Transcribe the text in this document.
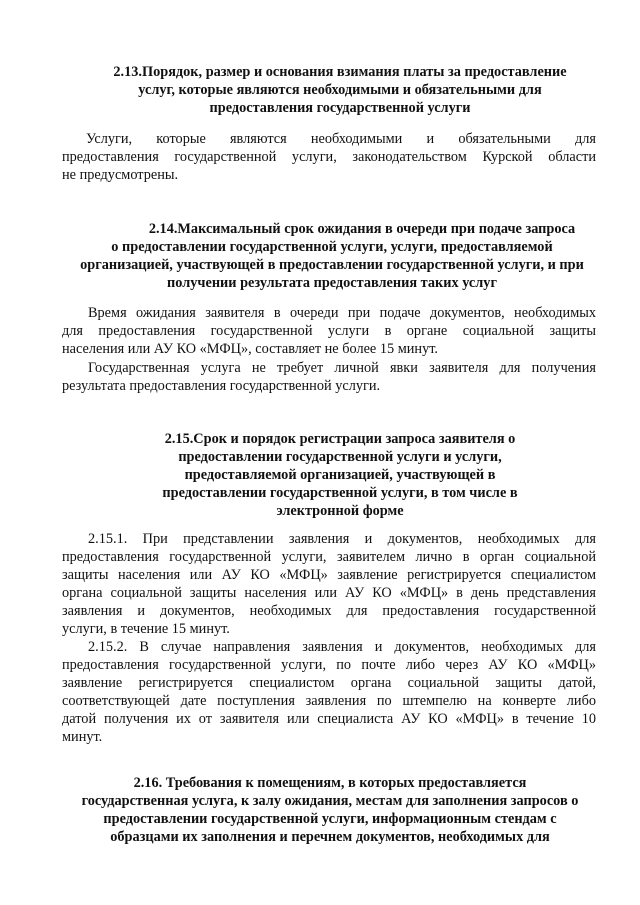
2.13.Порядок, размер и основания взимания платы за предоставление
услуг, которые являются необходимыми и обязательными для
предоставления государственной услуги
Услуги, которые являются необходимыми и обязательными для
предоставления государственной услуги, законодательством Курской области
не предусмотрены.
2.14.Максимальный срок ожидания в очереди при подаче запроса
о предоставлении государственной услуги, услуги, предоставляемой
организацией, участвующей в предоставлении государственной услуги, и при
получении результата предоставления таких услуг
Время ожидания заявителя в очереди при подаче документов, необходимых
для предоставления государственной услуги в органе социальной защиты
населения или АУ КО «МФЦ», составляет не более 15 минут.
Государственная услуга не требует личной явки заявителя для получения
результата предоставления государственной услуги.
2.15.Срок и порядок регистрации запроса заявителя о
предоставлении государственной услуги и услуги,
предоставляемой организацией, участвующей в
предоставлении государственной услуги, в том числе в
электронной форме
2.15.1. При представлении заявления и документов, необходимых для
предоставления государственной услуги, заявителем лично в орган социальной
защиты населения или АУ КО «МФЦ» заявление регистрируется специалистом
органа социальной защиты населения или АУ КО «МФЦ» в день представления
заявления и документов, необходимых для предоставления государственной
услуги, в течение 15 минут.
2.15.2. В случае направления заявления и документов, необходимых для
предоставления государственной услуги, по почте либо через АУ КО «МФЦ»
заявление регистрируется специалистом органа социальной защиты датой,
соответствующей дате поступления заявления по штемпелю на конверте либо
датой получения их от заявителя или специалиста АУ КО «МФЦ» в течение 10
минут.
2.16. Требования к помещениям, в которых предоставляется
государственная услуга, к залу ожидания, местам для заполнения запросов о
предоставлении государственной услуги, информационным стендам с
образцами их заполнения и перечнем документов, необходимых для
